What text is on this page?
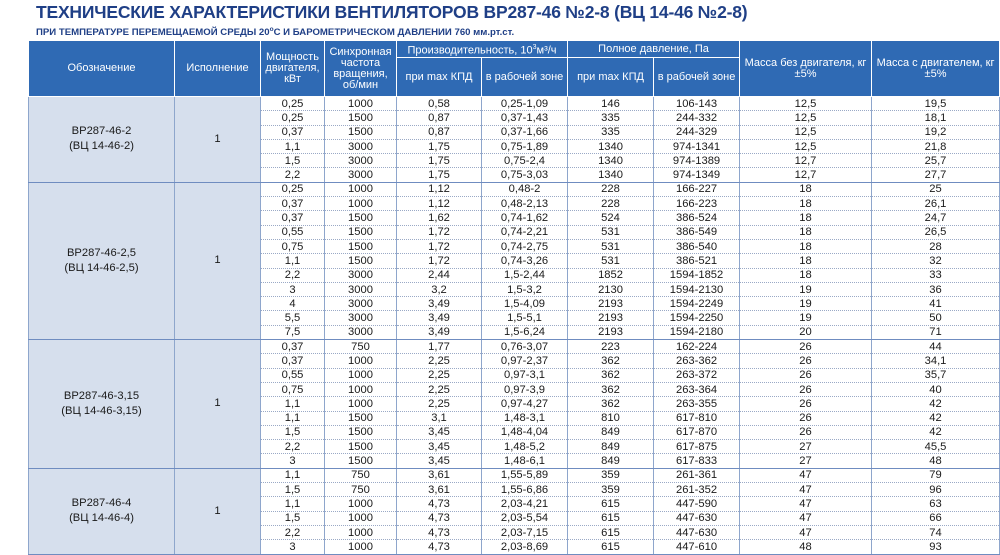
ТЕХНИЧЕСКИЕ ХАРАКТЕРИСТИКИ ВЕНТИЛЯТОРОВ ВР287-46 №2-8 (ВЦ 14-46 №2-8)
ПРИ ТЕМПЕРАТУРЕ ПЕРЕМЕЩАЕМОЙ СРЕДЫ 20$^o$С И БАРОМЕТРИЧЕСКОМ ДАВЛЕНИИ 760 мм.рт.ст.
Обозначение	Исполнение	Мощность двигателя, кВт	Синхронная частота вращения, об/мин	Производительность, $10^3м^3/ч$		Полное давление, Па		Масса без двигателя, кг ±5%	Масса с двигателем, кг ±5%
				при max КПД	в рабочей зоне	при max КПД	в рабочей зоне		

ВР287-46-2
(ВЦ 14-46-2)	1	0,25	1000	0,58	0,25-1,09	146	106-143	12,5	19,5
		0,25	1500	0,87	0,37-1,43	335	244-332	12,5	18,1
		0,37	1500	0,87	0,37-1,66	335	244-329	12,5	19,2
		1,1	3000	1,75	0,75-1,89	1340	974-1341	12,5	21,8
		1,5	3000	1,75	0,75-2,4	1340	974-1389	12,7	25,7
		2,2	3000	1,75	0,75-3,03	1340	974-1349	12,7	27,7

ВР287-46-2,5
(ВЦ 14-46-2,5)	1	0,25	1000	1,12	0,48-2	228	166-227	18	25
		0,37	1000	1,12	0,48-2,13	228	166-223	18	26,1
		0,37	1500	1,62	0,74-1,62	524	386-524	18	24,7
		0,55	1500	1,72	0,74-2,21	531	386-549	18	26,5
		0,75	1500	1,72	0,74-2,75	531	386-540	18	28
		1,1	1500	1,72	0,74-3,26	531	386-521	18	32
		2,2	3000	2,44	1,5-2,44	1852	1594-1852	18	33
		3	3000	3,2	1,5-3,2	2130	1594-2130	19	36
		4	3000	3,49	1,5-4,09	2193	1594-2249	19	41
		5,5	3000	3,49	1,5-5,1	2193	1594-2250	19	50
		7,5	3000	3,49	1,5-6,24	2193	1594-2180	20	71

ВР287-46-3,15
(ВЦ 14-46-3,15)	1	0,37	750	1,77	0,76-3,07	223	162-224	26	44
		0,37	1000	2,25	0,97-2,37	362	263-362	26	34,1
		0,55	1000	2,25	0,97-3,1	362	263-372	26	35,7
		0,75	1000	2,25	0,97-3,9	362	263-364	26	40
		1,1	1000	2,25	0,97-4,27	362	263-355	26	42
		1,1	1500	3,1	1,48-3,1	810	617-810	26	42
		1,5	1500	3,45	1,48-4,04	849	617-870	26	42
		2,2	1500	3,45	1,48-5,2	849	617-875	27	45,5
		3	1500	3,45	1,48-6,1	849	617-833	27	48

ВР287-46-4
(ВЦ 14-46-4)	1	1,1	750	3,61	1,55-5,89	359	261-361	47	79
		1,5	750	3,61	1,55-6,86	359	261-352	47	96
		1,1	1000	4,73	2,03-4,21	615	447-590	47	63
		1,5	1000	4,73	2,03-5,54	615	447-630	47	66
		2,2	1000	4,73	2,03-7,15	615	447-630	47	74
		3	1000	4,73	2,03-8,69	615	447-610	48	93
